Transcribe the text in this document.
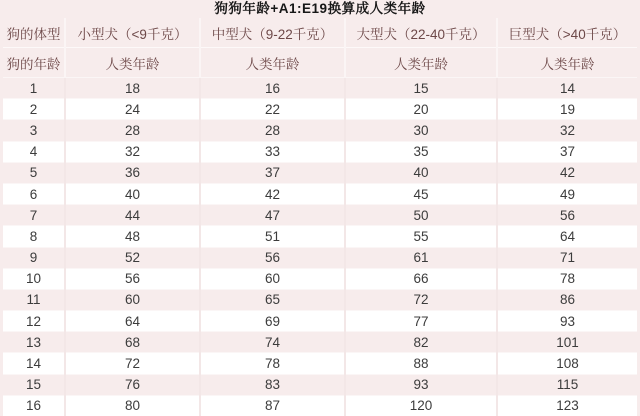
狗狗年龄+A1:E19换算成人类年龄
狗的体型	小型犬（<9千克）	中型犬（9-22千克）	大型犬（22-40千克）	巨型犬（>40千克）
狗的年龄	人类年龄	人类年龄	人类年龄	人类年龄
1	18	16	15	14
2	24	22	20	19
3	28	28	30	32
4	32	33	35	37
5	36	37	40	42
6	40	42	45	49
7	44	47	50	56
8	48	51	55	64
9	52	56	61	71
10	56	60	66	78
11	60	65	72	86
12	64	69	77	93
13	68	74	82	101
14	72	78	88	108
15	76	83	93	115
16	80	87	120	123
